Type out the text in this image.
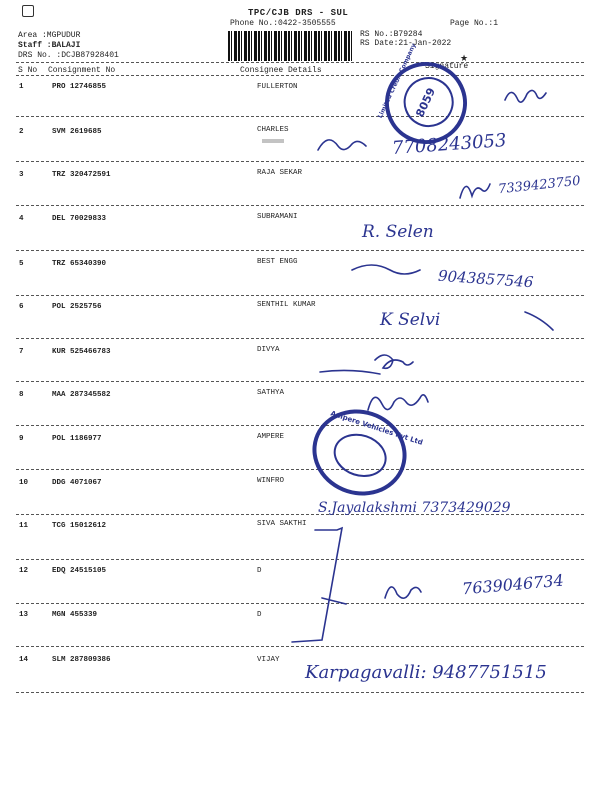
TPC/CJB DRS - SUL
Phone No.:0422-3505555	Page No.:1
Area :MGPUDUR
Staff :BALAJI
DRS No. :DCJB87928401
RS No.:B79284
RS Date:21-Jan-2022
S No Consignment No	Consignee Details	Signature
1	PRO 12746855	FULLERTON
2	SVM 2619685	CHARLES
3	TRZ 320472591	RAJA SEKAR
4	DEL 70029833	SUBRAMANI
5	TRZ 65340390	BEST ENGG
6	POL 2525756	SENTHIL KUMAR
7	KUR 525466783	DIVYA
8	MAA 287345582	SATHYA
9	POL 1186977	AMPERE
10	DDG 4071067	WINFRO
11	TCG 15012612	SIVA SAKTHI
12	EDQ 24515105	D
13	MGN 455339	D
14	SLM 287809386	VIJAY
8059
Limited Credit Company
Ampere Vehicles Pvt Ltd
7708243053
7339423750
R. Selen
9043857546
K Selvi
S.Jayalakshmi 7373429029
7639046734
Karpagavalli: 9487751515
★
